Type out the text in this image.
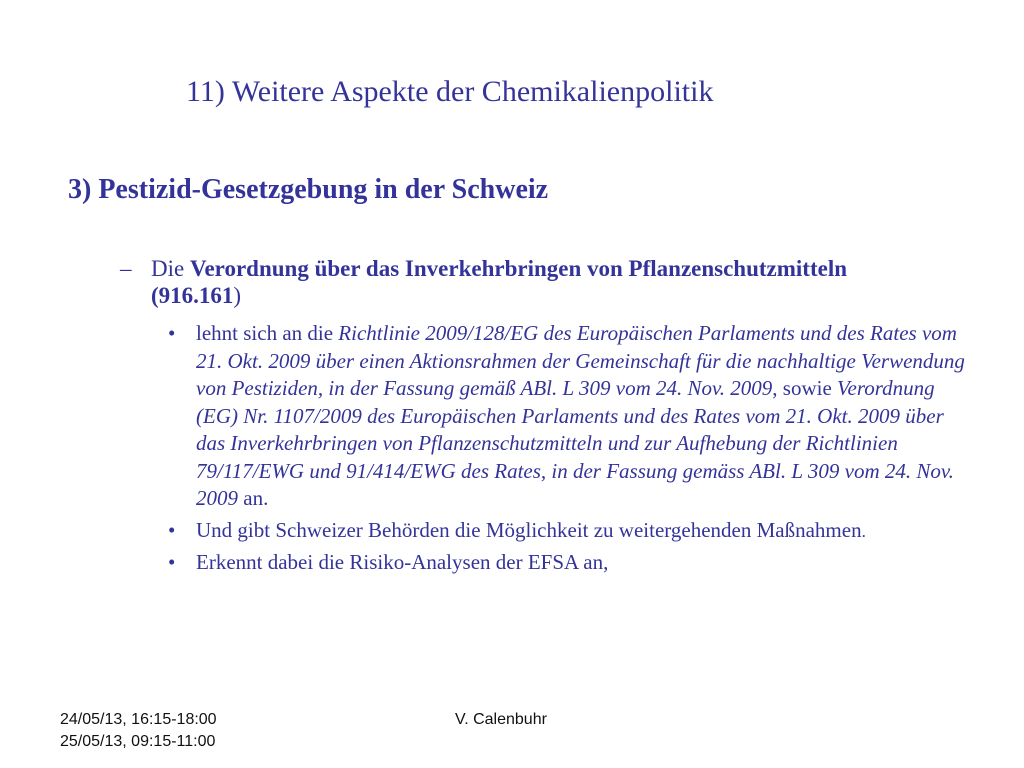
11) Weitere Aspekte der Chemikalienpolitik
3) Pestizid-Gesetzgebung in der Schweiz
– Die Verordnung über das Inverkehrbringen von Pflanzenschutzmitteln (916.161)
• lehnt sich an die Richtlinie 2009/128/EG des Europäischen Parlaments und des Rates vom 21. Okt. 2009 über einen Aktionsrahmen der Gemeinschaft für die nachhaltige Verwendung von Pestiziden, in der Fassung gemäß ABl. L 309 vom 24. Nov. 2009, sowie Verordnung (EG) Nr. 1107/2009 des Europäischen Parlaments und des Rates vom 21. Okt. 2009 über das Inverkehrbringen von Pflanzenschutzmitteln und zur Aufhebung der Richtlinien 79/117/EWG und 91/414/EWG des Rates, in der Fassung gemäss ABl. L 309 vom 24. Nov. 2009 an.
• Und gibt Schweizer Behörden die Möglichkeit zu weitergehenden Maßnahmen.
• Erkennt dabei die Risiko-Analysen der EFSA an,
24/05/13, 16:15-18:00
25/05/13, 09:15-11:00
V. Calenbuhr
